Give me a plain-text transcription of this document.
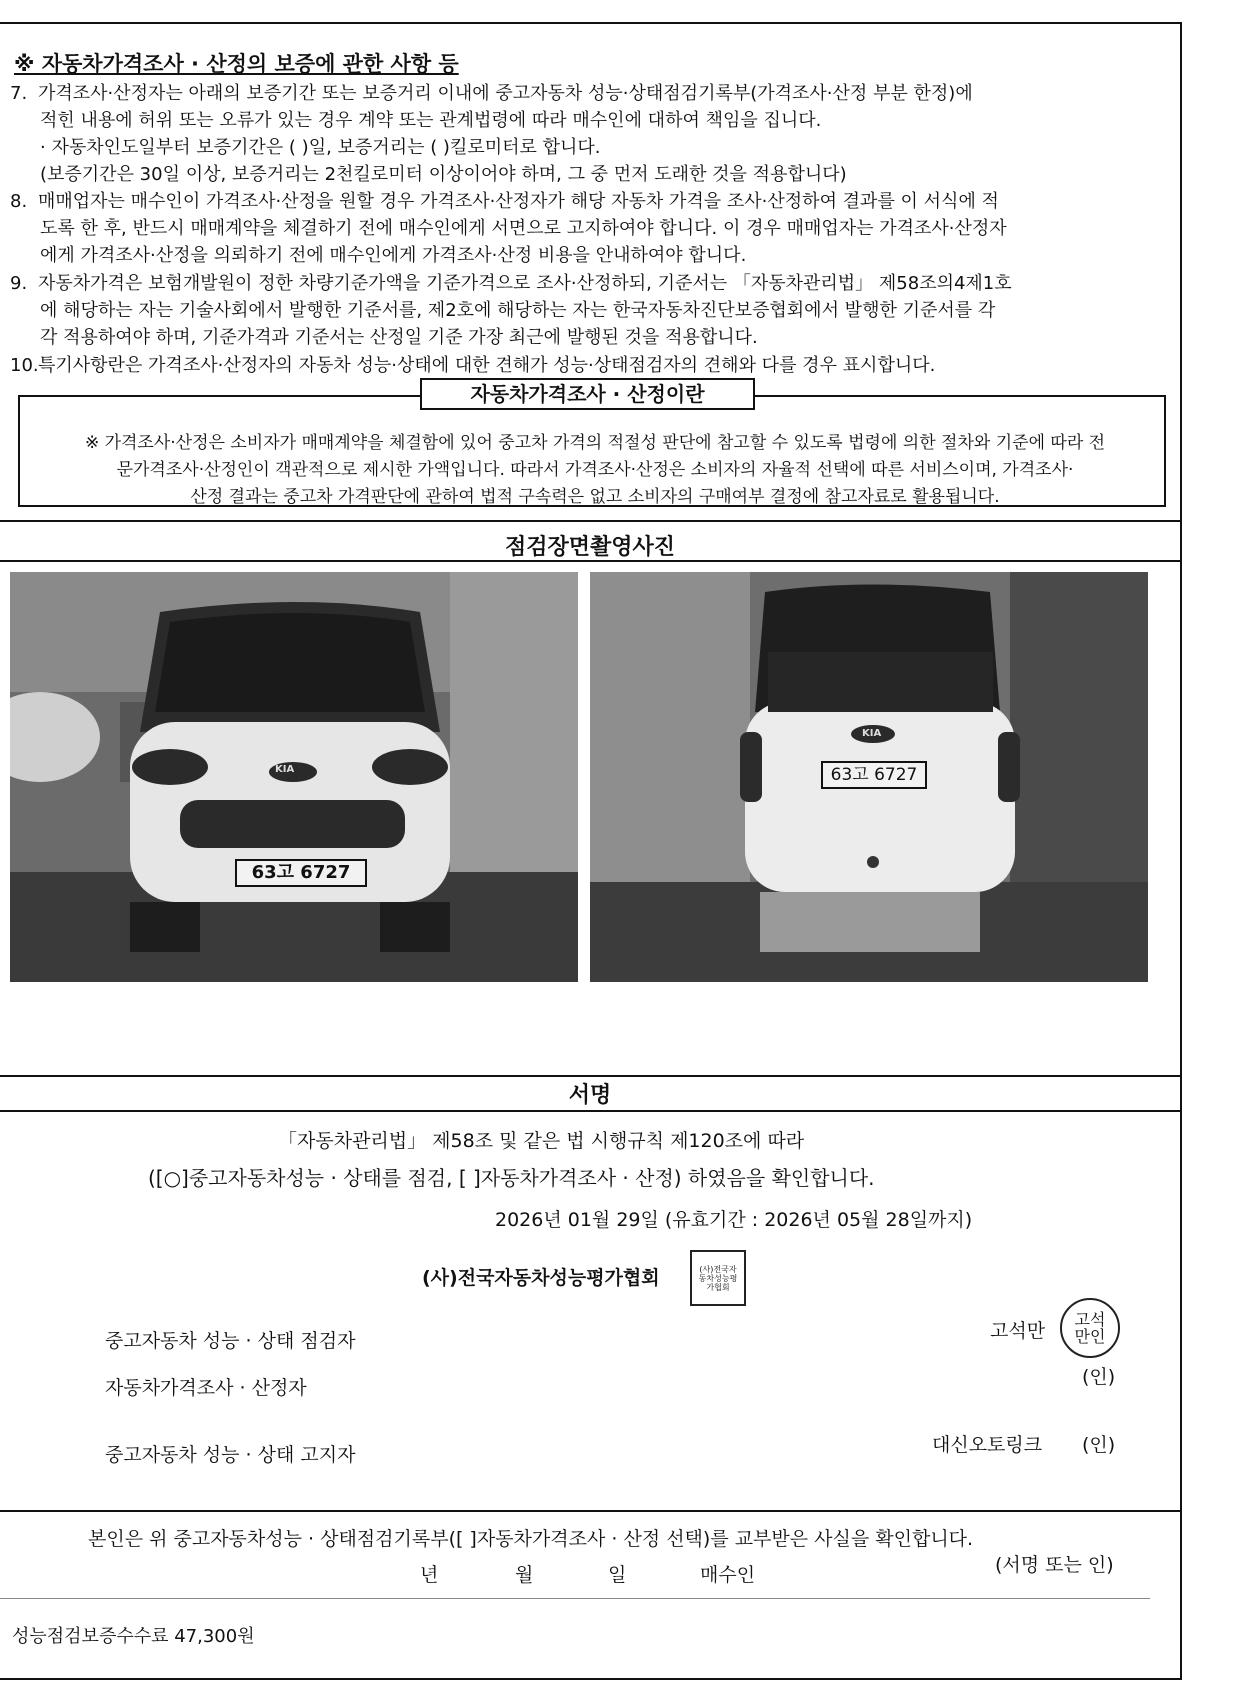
※ 자동차가격조사 · 산정의 보증에 관한 사항 등
7. 가격조사·산정자는 아래의 보증기간 또는 보증거리 이내에 중고자동차 성능·상태점검기록부(가격조사·산정 부분 한정)에
적힌 내용에 허위 또는 오류가 있는 경우 계약 또는 관계법령에 따라 매수인에 대하여 책임을 집니다.
· 자동차인도일부터 보증기간은 ( )일, 보증거리는 ( )킬로미터로 합니다.
(보증기간은 30일 이상, 보증거리는 2천킬로미터 이상이어야 하며, 그 중 먼저 도래한 것을 적용합니다)
8. 매매업자는 매수인이 가격조사·산정을 원할 경우 가격조사·산정자가 해당 자동차 가격을 조사·산정하여 결과를 이 서식에 적
도록 한 후, 반드시 매매계약을 체결하기 전에 매수인에게 서면으로 고지하여야 합니다. 이 경우 매매업자는 가격조사·산정자
에게 가격조사·산정을 의뢰하기 전에 매수인에게 가격조사·산정 비용을 안내하여야 합니다.
9. 자동차가격은 보험개발원이 정한 차량기준가액을 기준가격으로 조사·산정하되, 기준서는 「자동차관리법」 제58조의4제1호
에 해당하는 자는 기술사회에서 발행한 기준서를, 제2호에 해당하는 자는 한국자동차진단보증협회에서 발행한 기준서를 각
각 적용하여야 하며, 기준가격과 기준서는 산정일 기준 가장 최근에 발행된 것을 적용합니다.
10.특기사항란은 가격조사·산정자의 자동차 성능·상태에 대한 견해가 성능·상태점검자의 견해와 다를 경우 표시합니다.
자동차가격조사 · 산정이란
※ 가격조사·산정은 소비자가 매매계약을 체결함에 있어 중고차 가격의 적절성 판단에 참고할 수 있도록 법령에 의한 절차와 기준에 따라 전
문가격조사·산정인이 객관적으로 제시한 가액입니다. 따라서 가격조사·산정은 소비자의 자율적 선택에 따른 서비스이며, 가격조사·
산정 결과는 중고차 가격판단에 관하여 법적 구속력은 없고 소비자의 구매여부 결정에 참고자료로 활용됩니다.
점검장면촬영사진
KIA
63고 6727
KIA
63고 6727
서명
「자동차관리법」 제58조 및 같은 법 시행규칙 제120조에 따라
([○]중고자동차성능 · 상태를 점검, [ ]자동차가격조사 · 산정) 하였음을 확인합니다.
2026년 01월 29일 (유효기간 : 2026년 05월 28일까지)
(사)전국자동차성능평가협회	(사)전국자동차성능평가협회
중고자동차 성능 · 상태 점검자	고석만
고석만인
자동차가격조사 · 산정자	(인)
중고자동차 성능 · 상태 고지자	대신오토링크 (인)
본인은 위 중고자동차성능 · 상태점검기록부([ ]자동차가격조사 · 산정 선택)를 교부받은 사실을 확인합니다.
년	월	일	매수인	(서명 또는 인)
성능점검보증수수료 47,300원
